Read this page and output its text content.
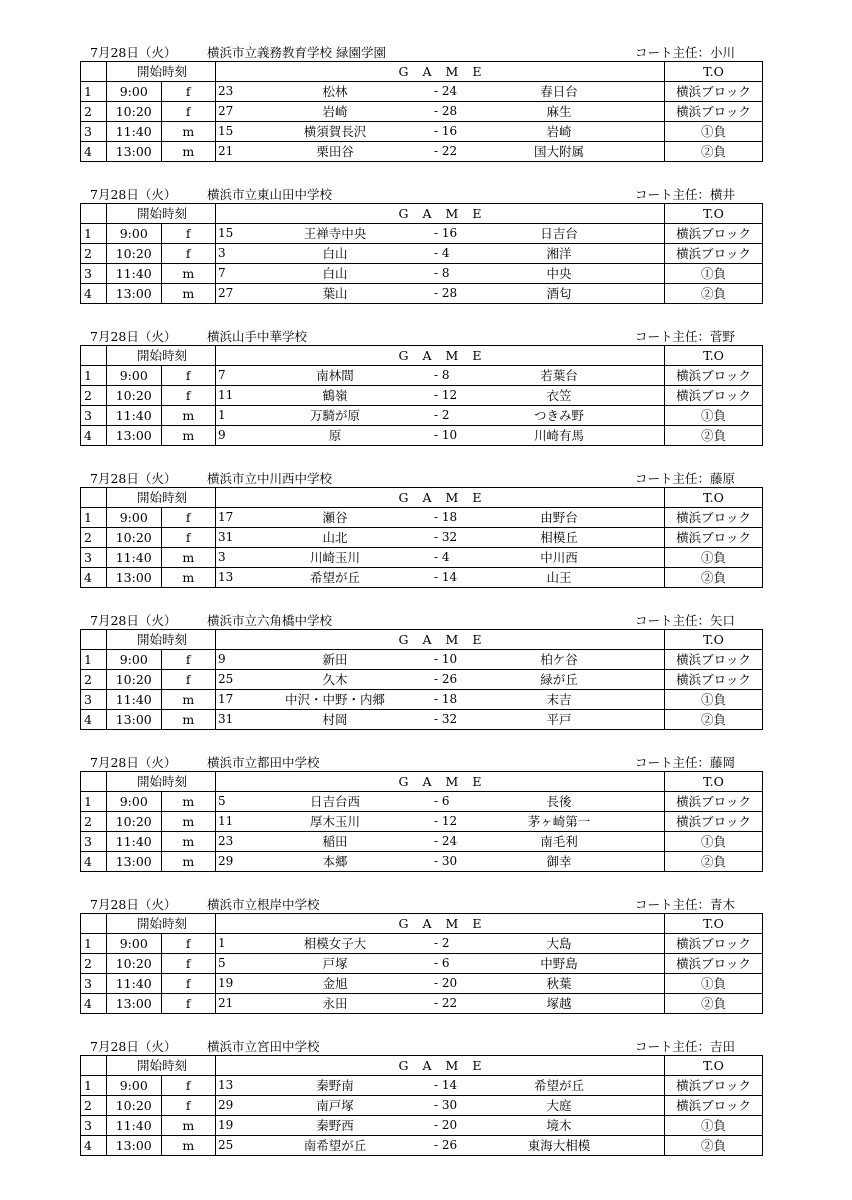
7月28日（火） 横浜市立義務教育学校 緑園学園	コート主任：小川
	開始時刻		GAME	T.O
1	9:00	f	23 松林 - 24 春日台	横浜ブロック
2	10:20	f	27 岩崎 - 28 麻生	横浜ブロック
3	11:40	m	15 横須賀長沢 - 16 岩崎	①負
4	13:00	m	21 栗田谷 - 22 国大附属	②負
7月28日（火） 横浜市立東山田中学校	コート主任：横井
	開始時刻		GAME	T.O
1	9:00	f	15 王禅寺中央 - 16 日吉台	横浜ブロック
2	10:20	f	3 白山 - 4 湘洋	横浜ブロック
3	11:40	m	7 白山 - 8 中央	①負
4	13:00	m	27 葉山 - 28 酒匂	②負
7月28日（火） 横浜山手中華学校	コート主任：菅野
	開始時刻		GAME	T.O
1	9:00	f	7 南林間 - 8 若葉台	横浜ブロック
2	10:20	f	11 鶴嶺 - 12 衣笠	横浜ブロック
3	11:40	m	1 万騎が原 - 2 つきみ野	①負
4	13:00	m	9 原 - 10 川崎有馬	②負
7月28日（火） 横浜市立中川西中学校	コート主任：藤原
	開始時刻		GAME	T.O
1	9:00	f	17 瀬谷 - 18 由野台	横浜ブロック
2	10:20	f	31 山北 - 32 相模丘	横浜ブロック
3	11:40	m	3 川崎玉川 - 4 中川西	①負
4	13:00	m	13 希望が丘 - 14 山王	②負
7月28日（火） 横浜市立六角橋中学校	コート主任：矢口
	開始時刻		GAME	T.O
1	9:00	f	9 新田 - 10 柏ケ谷	横浜ブロック
2	10:20	f	25 久木 - 26 緑が丘	横浜ブロック
3	11:40	m	17 中沢・中野・内郷 - 18 末吉	①負
4	13:00	m	31 村岡 - 32 平戸	②負
7月28日（火） 横浜市立都田中学校	コート主任：藤岡
	開始時刻		GAME	T.O
1	9:00	m	5 日吉台西 - 6 長後	横浜ブロック
2	10:20	m	11 厚木玉川 - 12 茅ヶ崎第一	横浜ブロック
3	11:40	m	23 稲田 - 24 南毛利	①負
4	13:00	m	29 本郷 - 30 御幸	②負
7月28日（火） 横浜市立根岸中学校	コート主任：青木
	開始時刻		GAME	T.O
1	9:00	f	1 相模女子大 - 2 大島	横浜ブロック
2	10:20	f	5 戸塚 - 6 中野島	横浜ブロック
3	11:40	f	19 金旭 - 20 秋葉	①負
4	13:00	f	21 永田 - 22 塚越	②負
7月28日（火） 横浜市立宮田中学校	コート主任：吉田
	開始時刻		GAME	T.O
1	9:00	f	13 秦野南 - 14 希望が丘	横浜ブロック
2	10:20	f	29 南戸塚 - 30 大庭	横浜ブロック
3	11:40	m	19 秦野西 - 20 境木	①負
4	13:00	m	25 南希望が丘 - 26 東海大相模	②負
